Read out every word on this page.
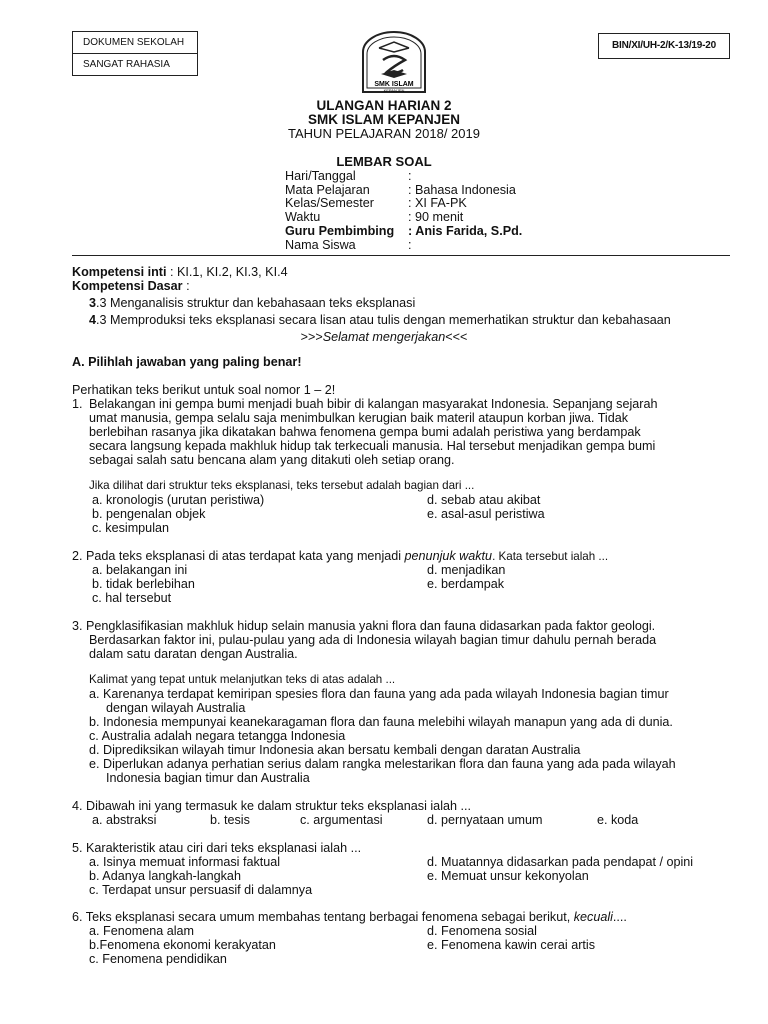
DOKUMEN SEKOLAH
SANGAT RAHASIA
SMK ISLAM
KEPANJEN
BIN/XI/UH-2/K-13/19-20
ULANGAN HARIAN 2
SMK ISLAM KEPANJEN
TAHUN PELAJARAN 2018/ 2019
LEMBAR SOAL
Hari/Tanggal	:
Mata Pelajaran	: Bahasa Indonesia
Kelas/Semester	: XI FA-PK
Waktu	: 90 menit
Guru Pembimbing : Anis Farida, S.Pd.
Nama Siswa	:
Kompetensi inti : KI.1, KI.2, KI.3, KI.4
Kompetensi Dasar :
3.3 Menganalisis struktur dan kebahasaan teks eksplanasi
4.3 Memproduksi teks eksplanasi secara lisan atau tulis dengan memerhatikan struktur dan kebahasaan
>>>Selamat mengerjakan<<<
A. Pilihlah jawaban yang paling benar!
Perhatikan teks berikut untuk soal nomor 1 – 2!
1. Belakangan ini gempa bumi menjadi buah bibir di kalangan masyarakat Indonesia. Sepanjang sejarah
umat manusia, gempa selalu saja menimbulkan kerugian baik materil ataupun korban jiwa. Tidak
berlebihan rasanya jika dikatakan bahwa fenomena gempa bumi adalah peristiwa yang berdampak
secara langsung kepada makhluk hidup tak terkecuali manusia. Hal tersebut menjadikan gempa bumi
sebagai salah satu bencana alam yang ditakuti oleh setiap orang.
Jika dilihat dari struktur teks eksplanasi, teks tersebut adalah bagian dari ...
a. kronologis (urutan peristiwa)	d. sebab atau akibat
b. pengenalan objek	e. asal-asul peristiwa
c. kesimpulan
2. Pada teks eksplanasi di atas terdapat kata yang menjadi penunjuk waktu. Kata tersebut ialah ...
a. belakangan ini	d. menjadikan
b. tidak berlebihan	e. berdampak
c. hal tersebut
3. Pengklasifikasian makhluk hidup selain manusia yakni flora dan fauna didasarkan pada faktor geologi.
Berdasarkan faktor ini, pulau-pulau yang ada di Indonesia wilayah bagian timur dahulu pernah berada
dalam satu daratan dengan Australia.
Kalimat yang tepat untuk melanjutkan teks di atas adalah ...
a. Karenanya terdapat kemiripan spesies flora dan fauna yang ada pada wilayah Indonesia bagian timur
dengan wilayah Australia
b. Indonesia mempunyai keanekaragaman flora dan fauna melebihi wilayah manapun yang ada di dunia.
c. Australia adalah negara tetangga Indonesia
d. Diprediksikan wilayah timur Indonesia akan bersatu kembali dengan daratan Australia
e. Diperlukan adanya perhatian serius dalam rangka melestarikan flora dan fauna yang ada pada wilayah
Indonesia bagian timur dan Australia
4. Dibawah ini yang termasuk ke dalam struktur teks eksplanasi ialah ...
a. abstraksi	b. tesis	c. argumentasi	d. pernyataan umum	e. koda
5. Karakteristik atau ciri dari teks eksplanasi ialah ...
a. Isinya memuat informasi faktual	d. Muatannya didasarkan pada pendapat / opini
b. Adanya langkah-langkah	e. Memuat unsur kekonyolan
c. Terdapat unsur persuasif di dalamnya
6. Teks eksplanasi secara umum membahas tentang berbagai fenomena sebagai berikut, kecuali....
a. Fenomena alam	d. Fenomena sosial
b.Fenomena ekonomi kerakyatan	e. Fenomena kawin cerai artis
c. Fenomena pendidikan
